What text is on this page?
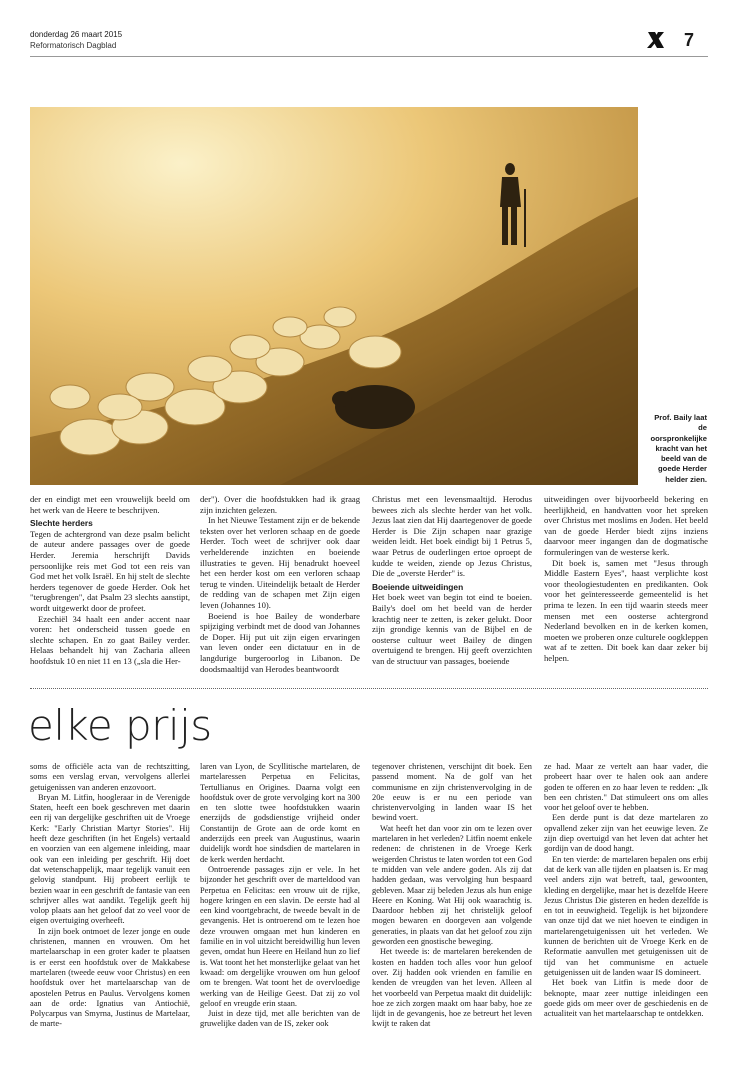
donderdag 26 maart 2015
Reformatorisch Dagblad	7
Prof. Baily laat de oorspronkelijke kracht van het beeld van de goede Herder helder zien.

der en eindigt met een vrouwelijk beeld om het werk van de Heere te beschrijven.

Slechte herders

Tegen de achtergrond van deze psalm belicht de auteur andere passages over de goede Herder. Jeremia herschrijft Davids persoonlijke reis met God tot een reis van God met het volk Israël. En hij stelt de slechte herders tegenover de goede Herder. Ook het "terugbrengen", dat Psalm 23 slechts aanstipt, wordt uitgewerkt door de profeet.

Ezechiël 34 haalt een ander accent naar voren: het onderscheid tussen goede en slechte schapen. En zo gaat Bailey verder. Helaas behandelt hij van Zacharia alleen hoofdstuk 10 en niet 11 en 13 („sla die Her-

der"). Over die hoofdstukken had ik graag zijn inzichten gelezen.

In het Nieuwe Testament zijn er de bekende teksten over het verloren schaap en de goede Herder. Toch weet de schrijver ook daar verhelderende inzichten en boeiende illustraties te geven. Hij benadrukt hoeveel het een herder kost om een verloren schaap terug te vinden. Uiteindelijk betaalt de Herder de redding van de schapen met Zijn eigen leven (Johannes 10).

Boeiend is hoe Bailey de wonderbare spijziging verbindt met de dood van Johannes de Doper. Hij put uit zijn eigen ervaringen van leven onder een dictatuur en in de langdurige burgeroorlog in Libanon. De doodsmaaltijd van Herodes beantwoordt

Christus met een levensmaaltijd. Herodus bewees zich als slechte herder van het volk. Jezus laat zien dat Hij daartegenover de goede Herder is Die Zijn schapen naar grazige weiden leidt. Het boek eindigt bij 1 Petrus 5, waar Petrus de ouderlingen ertoe oproept de kudde te weiden, ziende op Jezus Christus, Die de „overste Herder" is.

Boeiende uitweidingen

Het boek weet van begin tot eind te boeien. Baily's doel om het beeld van de herder krachtig neer te zetten, is zeker gelukt. Door zijn grondige kennis van de Bijbel en de oosterse cultuur weet Bailey de dingen overtuigend te brengen. Hij geeft overzichten van de structuur van passages, boeiende

uitweidingen over bijvoorbeeld bekering en heerlijkheid, en handvatten voor het spreken over Christus met moslims en Joden. Het beeld van de goede Herder biedt zijns inziens daarvoor meer ingangen dan de dogmatische formuleringen van de westerse kerk.

Dit boek is, samen met "Jesus through Middle Eastern Eyes", haast verplichte kost voor theologiestudenten en predikanten. Ook voor het geïnteresseerde gemeentelid is het prima te lezen. In een tijd waarin steeds meer mensen met een oosterse achtergrond Nederland bevolken en in de kerken komen, moeten we proberen onze culturele oogkleppen wat af te zetten. Dit boek kan daar zeker bij helpen.

elke prijs

soms de officiële acta van de rechtszitting, soms een verslag ervan, vervolgens allerlei getuigenissen van anderen enzovoort.

Bryan M. Litfin, hoogleraar in de Verenigde Staten, heeft een boek geschreven met daarin een rij van dergelijke geschriften uit de Vroege Kerk: "Early Christian Martyr Stories". Hij heeft deze geschriften (in het Engels) vertaald en voorzien van een algemene inleiding, maar ook van een inleiding per geschrift. Hij doet dat wetenschappelijk, maar tegelijk vanuit een gelovig standpunt. Hij probeert eerlijk te bezien waar in een geschrift de fantasie van een schrijver alles wat aandikt. Tegelijk geeft hij volop plaats aan het geloof dat zo veel voor de eigen overtuiging overheeft.

In zijn boek ontmoet de lezer jonge en oude christenen, mannen en vrouwen. Om het martelaarschap in een groter kader te plaatsen is er eerst een hoofdstuk over de Makkabese martelaren (tweede eeuw voor Christus) en een hoofdstuk over het martelaarschap van de apostelen Petrus en Paulus. Vervolgens komen aan de orde: Ignatius van Antiochië, Polycarpus van Smyrna, Justinus de Martelaar, de marte-

laren van Lyon, de Scyllitische martelaren, de martelaressen Perpetua en Felicitas, Tertullianus en Origines. Daarna volgt een hoofdstuk over de grote vervolging kort na 300 en ten slotte twee hoofdstukken waarin enerzijds de godsdienstige vrijheid onder Constantijn de Grote aan de orde komt en anderzijds een preek van Augustinus, waarin duidelijk wordt hoe sindsdien de martelaren in de kerk werden herdacht.

Ontroerende passages zijn er vele. In het bijzonder het geschrift over de marteldood van Perpetua en Felicitas: een vrouw uit de rijke, hogere kringen en een slavin. De eerste had al een kind voortgebracht, de tweede bevalt in de gevangenis. Het is ontroerend om te lezen hoe deze vrouwen omgaan met hun kinderen en familie en in vol uitzicht bereidwillig hun leven geven, omdat hun Heere en Heiland hun zo lief is. Wat toont het het monsterlijke gelaat van het kwaad: om dergelijke vrouwen om hun geloof om te brengen. Wat toont het de overvloedige werking van de Heilige Geest. Dat zij zo vol geloof en vreugde erin staan.

Juist in deze tijd, met alle berichten van de gruwelijke daden van de IS, zeker ook

tegenover christenen, verschijnt dit boek. Een passend moment. Na de golf van het communisme en zijn christenvervolging in de 20e eeuw is er nu een periode van christenvervolging in landen waar IS het bewind voert.

Wat heeft het dan voor zin om te lezen over martelaren in het verleden? Litfin noemt enkele redenen: de christenen in de Vroege Kerk weigerden Christus te laten worden tot een God te midden van vele andere goden. Als zij dat hadden gedaan, was vervolging hun bespaard gebleven. Maar zij beleden Jezus als hun enige Heere en Koning. Wat Hij ook waarachtig is. Daardoor hebben zij het christelijk geloof mogen bewaren en doorgeven aan volgende generaties, in plaats van dat het geloof zou zijn geworden een gnostische beweging.

Het tweede is: de martelaren berekenden de kosten en hadden toch alles voor hun geloof over. Zij hadden ook vrienden en familie en kenden de vreugden van het leven. Alleen al het voorbeeld van Perpetua maakt dit duidelijk: hoe ze zich zorgen maakt om haar baby, hoe ze lijdt in de gevangenis, hoe ze betreurt het leven kwijt te raken dat

ze had. Maar ze vertelt aan haar vader, die probeert haar over te halen ook aan andere goden te offeren en zo haar leven te redden: „Ik ben een christen." Dat stimuleert ons om alles voor het geloof over te hebben.

Een derde punt is dat deze martelaren zo opvallend zeker zijn van het eeuwige leven. Ze zijn diep overtuigd van het leven dat achter het gordijn van de dood hangt.

En ten vierde: de martelaren bepalen ons erbij dat de kerk van alle tijden en plaatsen is. Er mag veel anders zijn wat betreft, taal, gewoonten, kleding en dergelijke, maar het is dezelfde Heere Jezus Christus Die gisteren en heden dezelfde is en tot in eeuwigheid. Tegelijk is het bijzondere van onze tijd dat we niet hoeven te eindigen in martelarengetuigenissen uit het verleden. We kunnen de berichten uit de Vroege Kerk en de Reformatie aanvullen met getuigenissen uit de tijd van het communisme en actuele getuigenissen uit de landen waar IS domineert.

Het boek van Litfin is mede door de beknopte, maar zeer nuttige inleidingen een goede gids om meer over de geschiedenis en de actualiteit van het martelaarschap te ontdekken.
